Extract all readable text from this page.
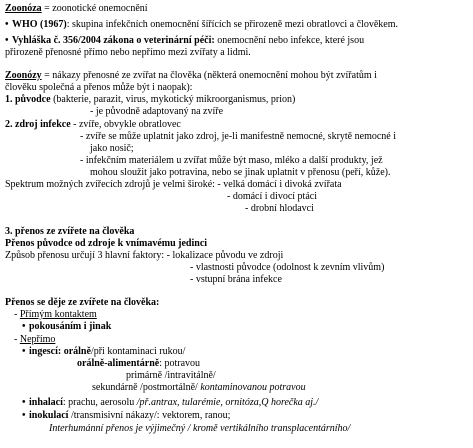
Zoonóza = zoonotické onemocnění

• WHO (1967): skupina infekčních onemocnění šířících se přirozeně mezi obratlovci a člověkem.

• Vyhláška č. 356/2004 zákona o veterinární péči: onemocnění nebo infekce, které jsou

přirozeně přenosné přímo nebo nepřímo mezi zvířaty a lidmi.

Zoonózy = nákazy přenosné ze zvířat na člověka (některá onemocnění mohou být zvířatům i

člověku společná a přenos může být i naopak):

1. původce (bakterie, parazit, virus, mykotický mikroorganismus, prion)

- je původně adaptovaný na zvíře

2. zdroj infekce - zvíře, obvykle obratlovec

- zvíře se může uplatnit jako zdroj, je-li manifestně nemocné, skrytě nemocné i

jako nosič;

- infekčním materiálem u zvířat může být maso, mléko a další produkty, jež

mohou sloužit jako potravina, nebo se jinak uplatnit v přenosu (peří, kůže).

Spektrum možných zvířecích zdrojů je velmi široké: - velká domácí i divoká zvířata

- domácí i divocí ptáci

- drobní hlodavci

3. přenos ze zvířete na člověka

Přenos původce od zdroje k vnímavému jedinci

Způsob přenosu určují 3 hlavní faktory: - lokalizace původu ve zdroji

- vlastnosti původce (odolnost k zevním vlivům)

- vstupní brána infekce

Přenos se děje ze zvířete na člověka:

- Přímým kontaktem

• pokousáním i jinak

- Nepřímo

• ingescí: orálně/při kontaminaci rukou/

orálně-alimentárně: potravou

primárně /intravitálně/

sekundárně /postmortálně/ kontaminovanou potravou

• inhalací: prachu, aerosolu /př.antrax, tularémie, ornitóza,Q horečka aj./

• inokulací /transmisivní nákazy/: vektorem, ranou;

Interhumánní přenos je výjimečný / kromě vertikálního transplacentárního/
